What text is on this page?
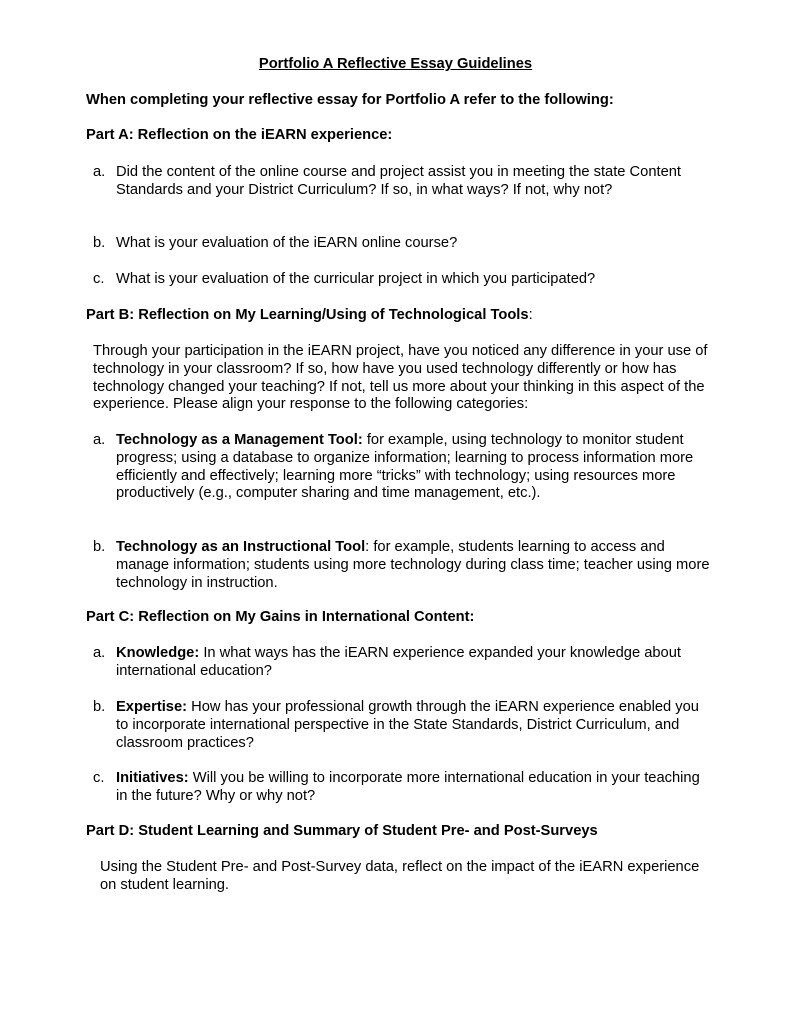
Portfolio A Reflective Essay Guidelines
When completing your reflective essay for Portfolio A refer to the following:
Part A: Reflection on the iEARN experience:
a. Did the content of the online course and project assist you in meeting the state Content Standards and your District Curriculum? If so, in what ways? If not, why not?
b. What is your evaluation of the iEARN online course?
c. What is your evaluation of the curricular project in which you participated?
Part B: Reflection on My Learning/Using of Technological Tools:
Through your participation in the iEARN project, have you noticed any difference in your use of technology in your classroom? If so, how have you used technology differently or how has technology changed your teaching? If not, tell us more about your thinking in this aspect of the experience. Please align your response to the following categories:
a. Technology as a Management Tool: for example, using technology to monitor student progress; using a database to organize information; learning to process information more efficiently and effectively; learning more “tricks” with technology; using resources more productively (e.g., computer sharing and time management, etc.).
b. Technology as an Instructional Tool: for example, students learning to access and manage information; students using more technology during class time; teacher using more technology in instruction.
Part C: Reflection on My Gains in International Content:
a. Knowledge: In what ways has the iEARN experience expanded your knowledge about international education?
b. Expertise: How has your professional growth through the iEARN experience enabled you to incorporate international perspective in the State Standards, District Curriculum, and classroom practices?
c. Initiatives: Will you be willing to incorporate more international education in your teaching in the future? Why or why not?
Part D: Student Learning and Summary of Student Pre- and Post-Surveys
Using the Student Pre- and Post-Survey data, reflect on the impact of the iEARN experience on student learning.
